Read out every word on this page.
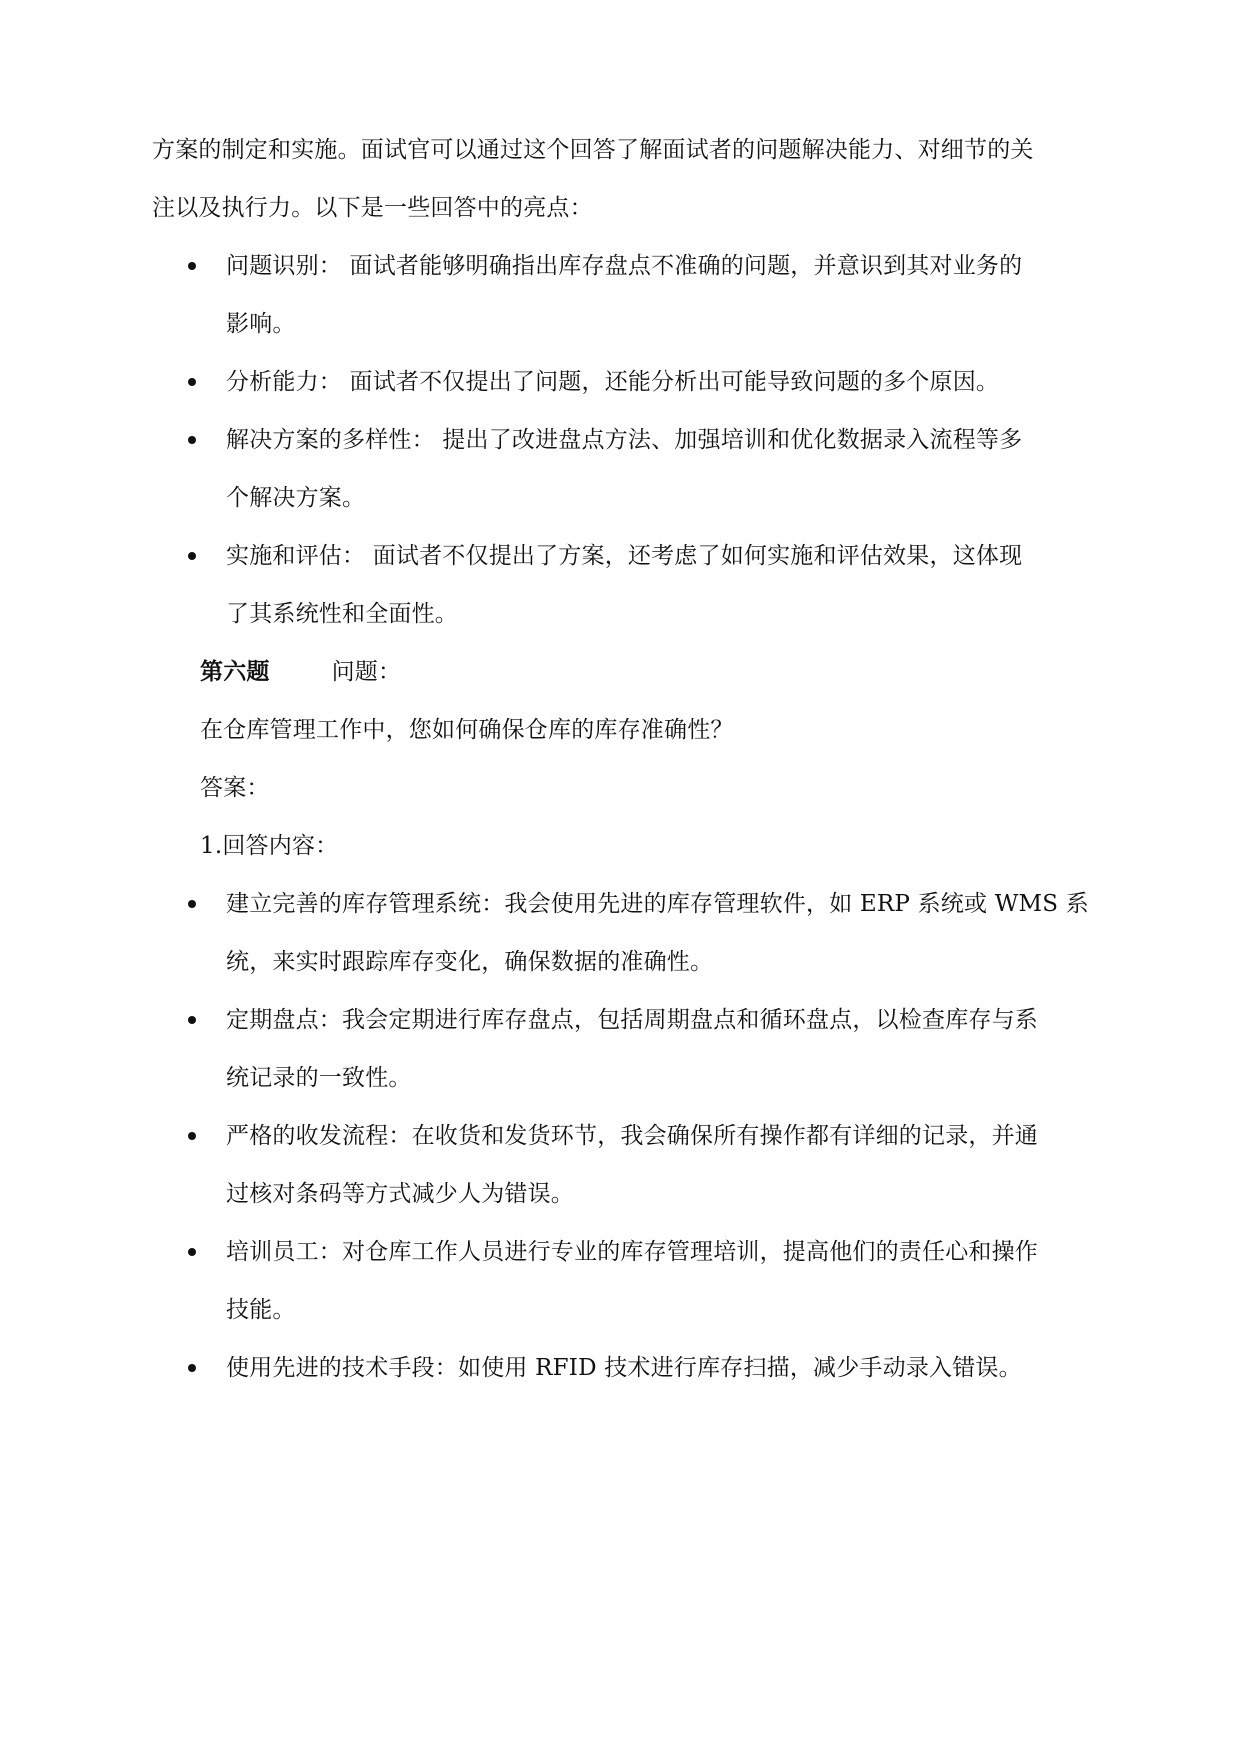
方案的制定和实施。面试官可以通过这个回答了解面试者的问题解决能力、对细节的关
注以及执行力。以下是一些回答中的亮点：
问题识别： 面试者能够明确指出库存盘点不准确的问题，并意识到其对业务的
影响。
分析能力： 面试者不仅提出了问题，还能分析出可能导致问题的多个原因。
解决方案的多样性： 提出了改进盘点方法、加强培训和优化数据录入流程等多
个解决方案。
实施和评估： 面试者不仅提出了方案，还考虑了如何实施和评估效果，这体现
了其系统性和全面性。
第六题	问题：
在仓库管理工作中，您如何确保仓库的库存准确性？
答案：
1.回答内容：
建立完善的库存管理系统：我会使用先进的库存管理软件，如 ERP 系统或 WMS 系
统，来实时跟踪库存变化，确保数据的准确性。
定期盘点：我会定期进行库存盘点，包括周期盘点和循环盘点，以检查库存与系
统记录的一致性。
严格的收发流程：在收货和发货环节，我会确保所有操作都有详细的记录，并通
过核对条码等方式减少人为错误。
培训员工：对仓库工作人员进行专业的库存管理培训，提高他们的责任心和操作
技能。
使用先进的技术手段：如使用 RFID 技术进行库存扫描，减少手动录入错误。
